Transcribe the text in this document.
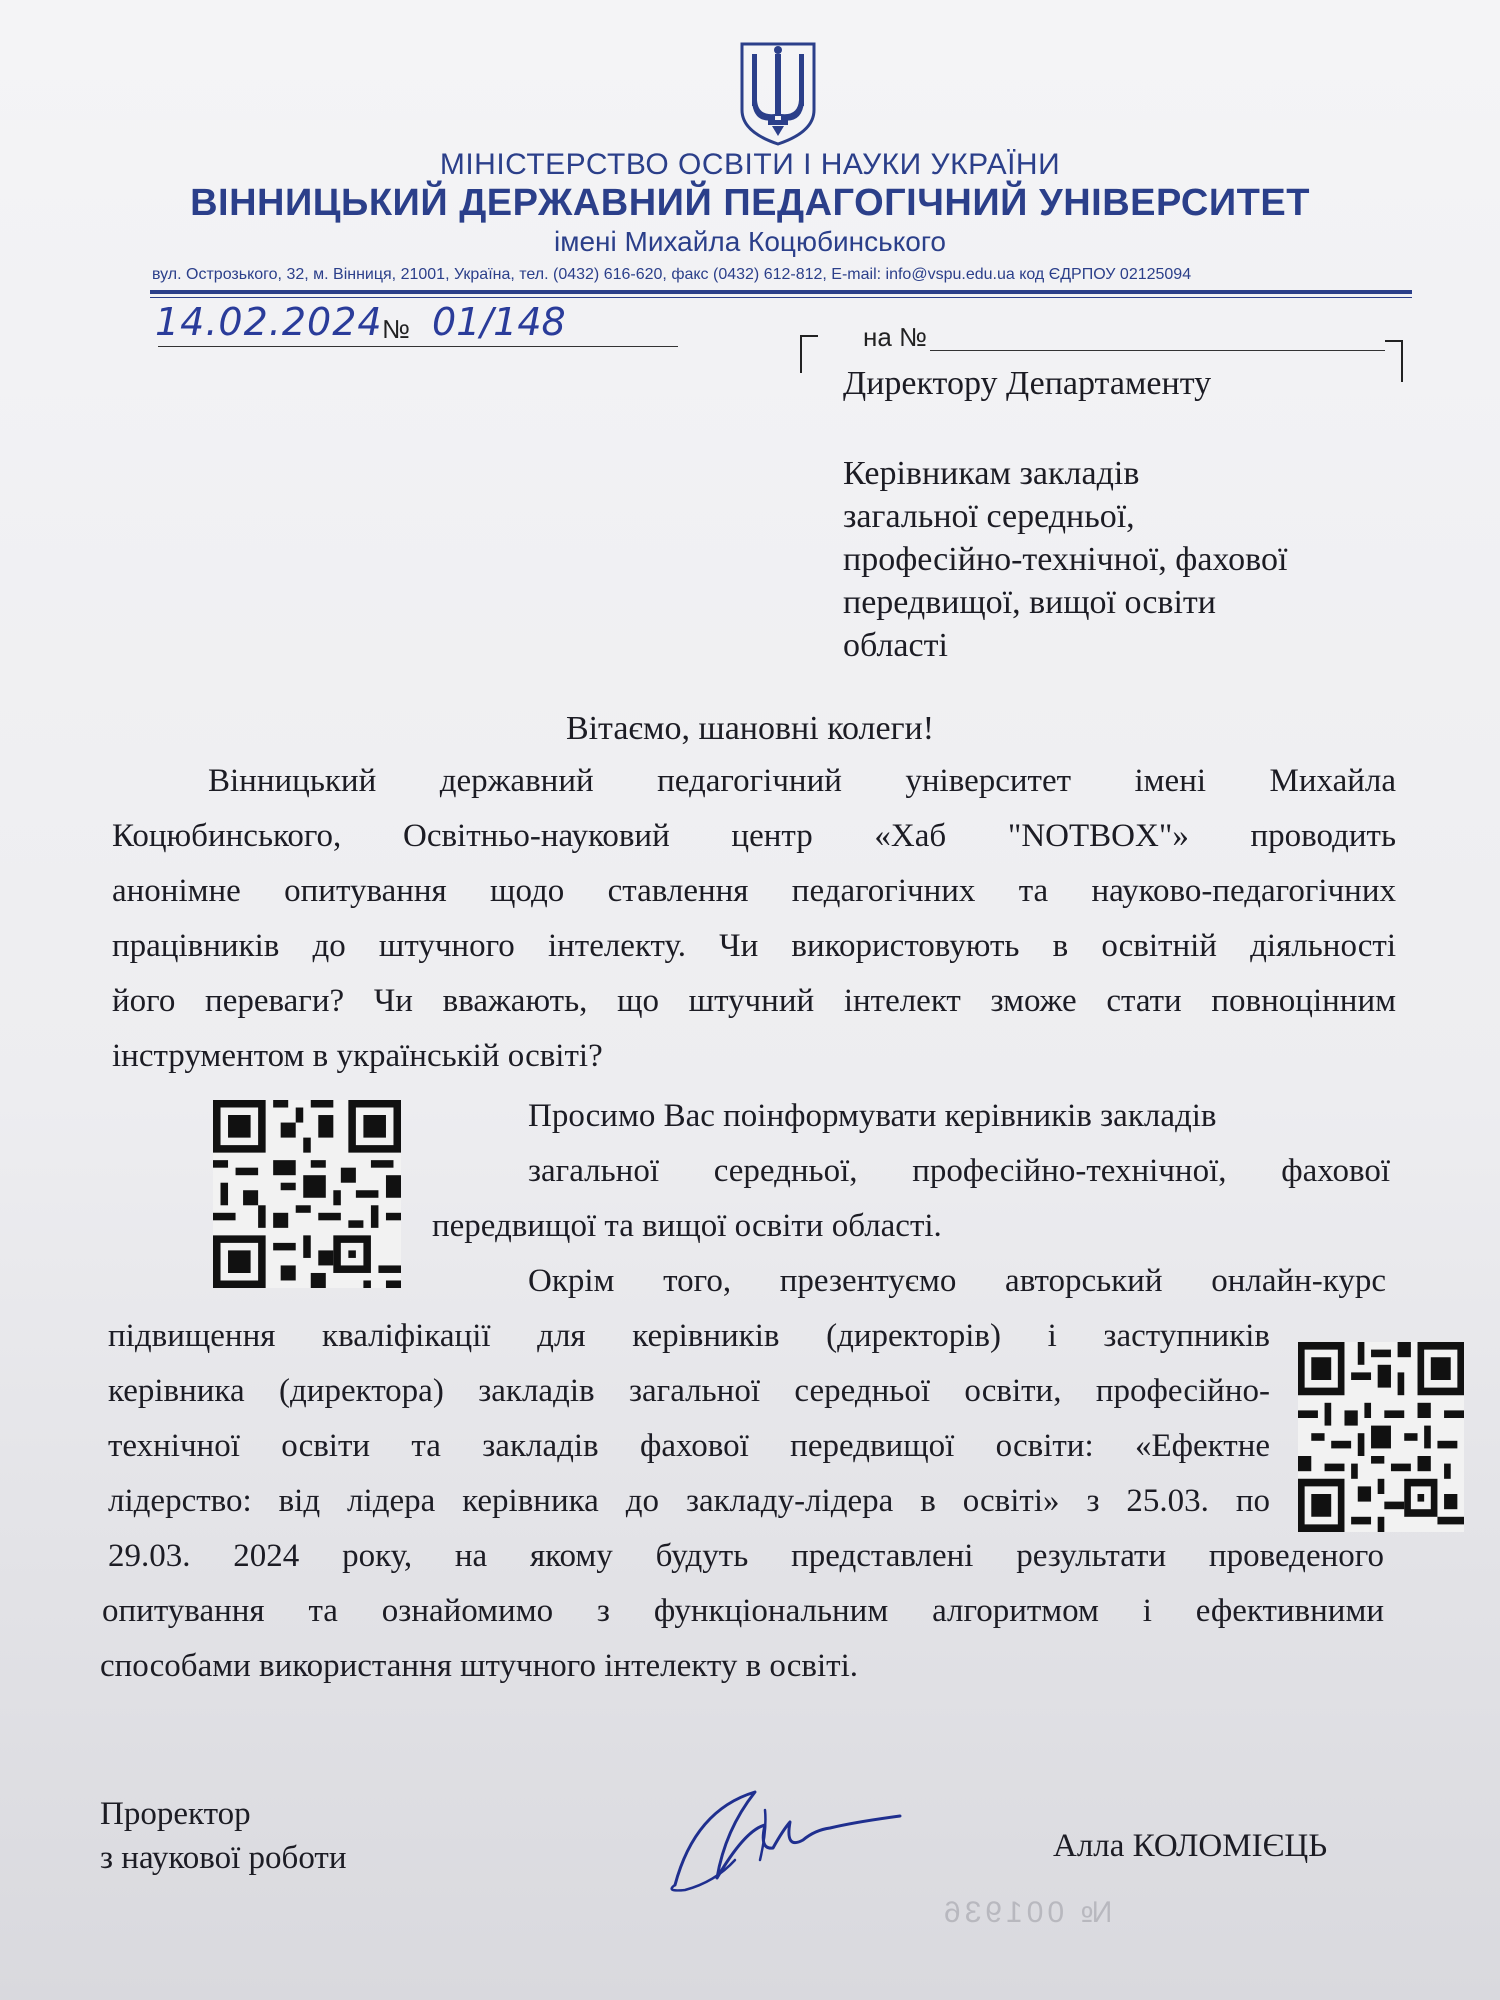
МІНІСТЕРСТВО ОСВІТИ І НАУКИ УКРАЇНИ
ВІННИЦЬКИЙ ДЕРЖАВНИЙ ПЕДАГОГІЧНИЙ УНІВЕРСИТЕТ
імені Михайла Коцюбинського
вул. Острозького, 32, м. Вінниця, 21001, Україна, тел. (0432) 616-620, факс (0432) 612-812, E-mail: info@vspu.edu.ua код ЄДРПОУ 02125094
14.02.2024 № 01/148	на №
Директору Департаменту
Керівникам закладів
загальної середньої,
професійно-технічної, фахової
передвищої, вищої освіти
області
Вітаємо, шановні колеги!
Вінницький державний педагогічний університет імені Михайла
Коцюбинського, Освітньо-науковий центр «Хаб "NOTBOX"» проводить
анонімне опитування щодо ставлення педагогічних та науково-педагогічних
працівників до штучного інтелекту. Чи використовують в освітній діяльності
його переваги? Чи вважають, що штучний інтелект зможе стати повноцінним
інструментом в українській освіті?
Просимо Вас поінформувати керівників закладів
загальної середньої, професійно-технічної, фахової
передвищої та вищої освіти області.
Окрім того, презентуємо авторський онлайн-курс
підвищення кваліфікації для керівників (директорів) і заступників
керівника (директора) закладів загальної середньої освіти, професійно-
технічної освіти та закладів фахової передвищої освіти: «Ефектне
лідерство: від лідера керівника до закладу-лідера в освіті» з 25.03. по
29.03. 2024 року, на якому будуть представлені результати проведеного
опитування та ознайомимо з функціональним алгоритмом і ефективними
способами використання штучного інтелекту в освіті.
Проректор
з наукової роботи	Алла КОЛОМІЄЦЬ
№ 001936
